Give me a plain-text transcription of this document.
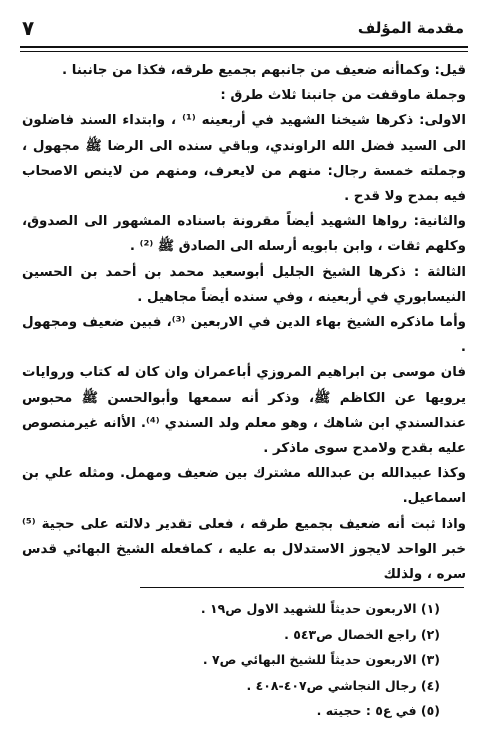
مقدمة المؤلف
٧

قيل: وكماأنه ضعيف من جانبهم بجميع طرقه، فكذا من جانبنا .

وجملة ماوقفت من جانبنا ثلاث طرق :

الاولى: ذكرها شيخنا الشهيد في أربعينه ⁽¹⁾ ، وابتداء السند فاضلون الى السيد فضل الله الراوندي، وباقي سنده الى الرضا ﷺ مجهول ، وجملته خمسة رجال: منهم من لايعرف، ومنهم من لاينص الاصحاب فيه بمدح ولا قدح .

والثانية: رواها الشهيد أيضاً مقرونة باسناده المشهور الى الصدوق، وكلهم ثقات ، وابن بابويه أرسله الى الصادق ﷺ ⁽²⁾ .

الثالثة : ذكرها الشيخ الجليل أبوسعيد محمد بن أحمد بن الحسين النيسابوري في أربعينه ، وفي سنده أيضاً مجاهيل .

وأما ماذكره الشيخ بهاء الدين في الاربعين ⁽³⁾، فبين ضعيف ومجهول .

فان موسى بن ابراهيم المروزي أباعمران وان كان له كتاب وروايات يرويها عن الكاظم ﷺ، وذكر أنه سمعها وأبوالحسن ﷺ محبوس عندالسندي ابن شاهك ، وهو معلم ولد السندي ⁽⁴⁾. الأانه غيرمنصوص عليه بقدح ولامدح سوى ماذكر .

وكذا عبيدالله بن عبدالله مشترك بين ضعيف ومهمل. ومثله علي بن اسماعيل.

واذا ثبت أنه ضعيف بجميع طرقه ، فعلى تقدير دلالته على حجية ⁽⁵⁾ خبر الواحد لايجوز الاستدلال به عليه ، كمافعله الشيخ البهائي قدس سره ، ولذلك

(١) الاربعون حديثاً للشهيد الاول ص١٩ .

(٢) راجع الخصال ص٥٤٣ .

(٣) الاربعون حديثاً للشيخ البهائي ص٧ .

(٤) رجال النجاشي ص٤٠٧-٤٠٨ .

(٥) في ع٥ : حجيته .
